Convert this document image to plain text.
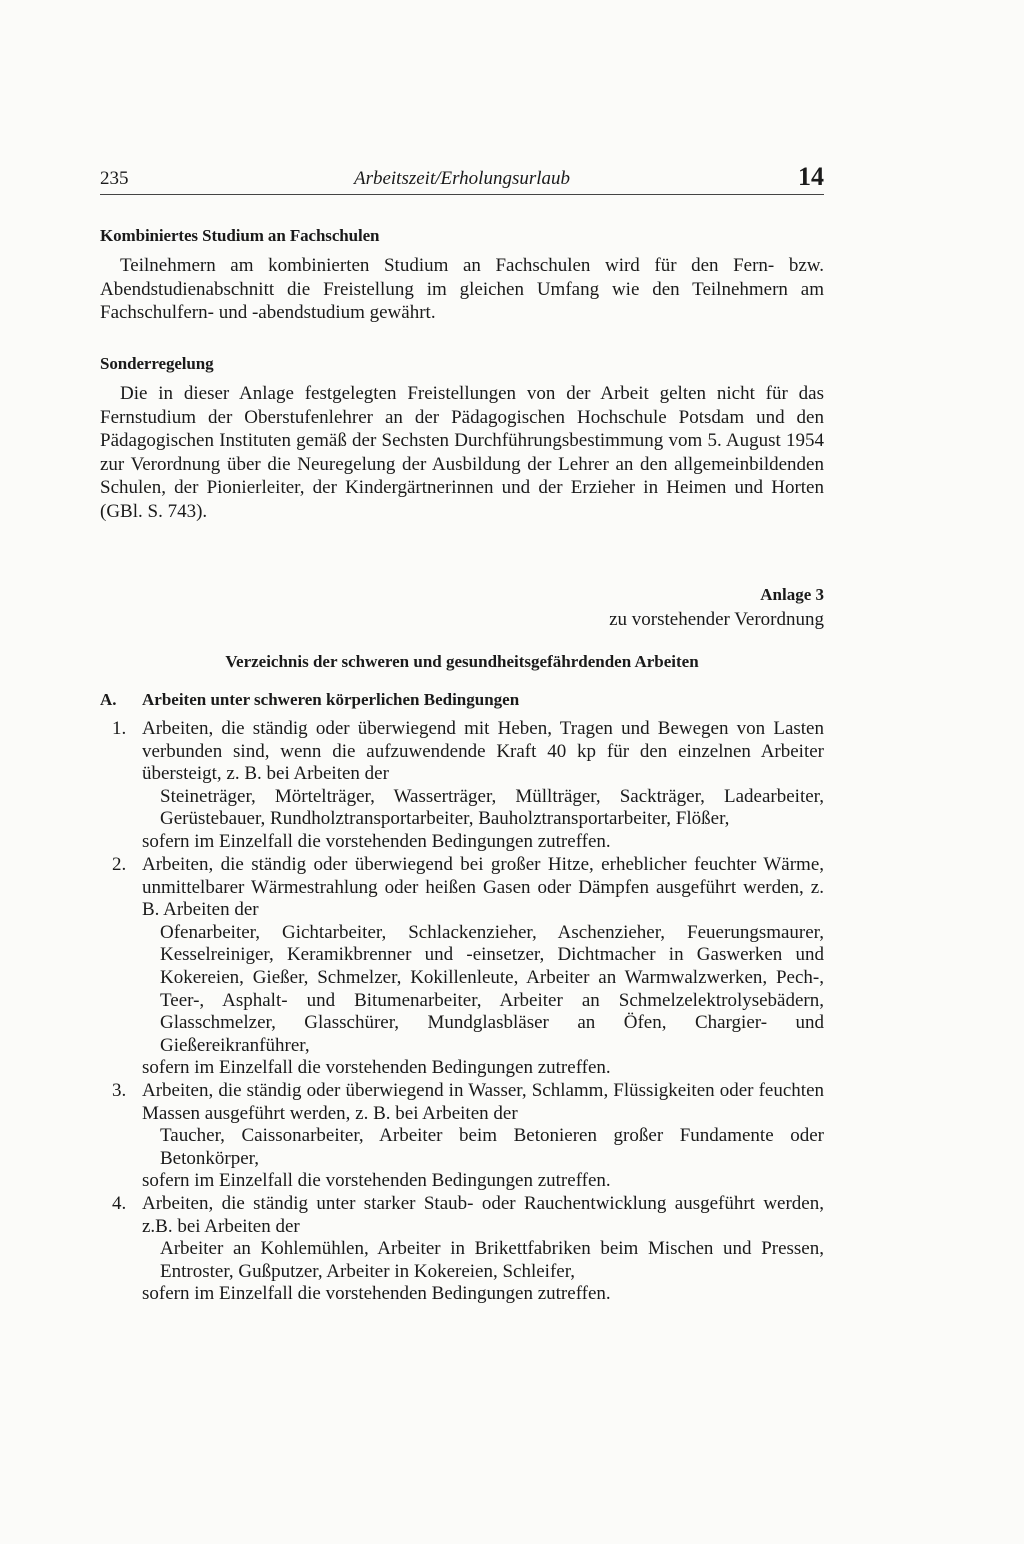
235	Arbeitszeit/Erholungsurlaub	14
Kombiniertes Studium an Fachschulen
Teilnehmern am kombinierten Studium an Fachschulen wird für den Fern- bzw. Abendstudienabschnitt die Freistellung im gleichen Umfang wie den Teilnehmern am Fachschulfern- und -abendstudium gewährt.
Sonderregelung
Die in dieser Anlage festgelegten Freistellungen von der Arbeit gelten nicht für das Fernstudium der Oberstufenlehrer an der Pädagogischen Hochschule Potsdam und den Pädagogischen Instituten gemäß der Sechsten Durchführungsbestimmung vom 5. August 1954 zur Verordnung über die Neuregelung der Ausbildung der Lehrer an den allgemeinbildenden Schulen, der Pionierleiter, der Kindergärtnerinnen und der Erzieher in Heimen und Horten (GBl. S. 743).
Anlage 3
zu vorstehender Verordnung
Verzeichnis der schweren und gesundheitsgefährdenden Arbeiten
A. Arbeiten unter schweren körperlichen Bedingungen
1. Arbeiten, die ständig oder überwiegend mit Heben, Tragen und Bewegen von Lasten verbunden sind, wenn die aufzuwendende Kraft 40 kp für den einzelnen Arbeiter übersteigt, z. B. bei Arbeiten der
Steineträger, Mörtelträger, Wasserträger, Müllträger, Sackträger, Ladearbeiter, Gerüstebauer, Rundholztransportarbeiter, Bauholztransportarbeiter, Flößer,
sofern im Einzelfall die vorstehenden Bedingungen zutreffen.
2. Arbeiten, die ständig oder überwiegend bei großer Hitze, erheblicher feuchter Wärme, unmittelbarer Wärmestrahlung oder heißen Gasen oder Dämpfen ausgeführt werden, z. B. Arbeiten der
Ofenarbeiter, Gichtarbeiter, Schlackenzieher, Aschenzieher, Feuerungsmaurer, Kesselreiniger, Keramikbrenner und -einsetzer, Dichtmacher in Gaswerken und Kokereien, Gießer, Schmelzer, Kokillenleute, Arbeiter an Warmwalzwerken, Pech-, Teer-, Asphalt- und Bitumenarbeiter, Arbeiter an Schmelzelektrolysebädern, Glasschmelzer, Glasschürer, Mundglasbläser an Öfen, Chargier- und Gießereikranführer,
sofern im Einzelfall die vorstehenden Bedingungen zutreffen.
3. Arbeiten, die ständig oder überwiegend in Wasser, Schlamm, Flüssigkeiten oder feuchten Massen ausgeführt werden, z. B. bei Arbeiten der
Taucher, Caissonarbeiter, Arbeiter beim Betonieren großer Fundamente oder Betonkörper,
sofern im Einzelfall die vorstehenden Bedingungen zutreffen.
4. Arbeiten, die ständig unter starker Staub- oder Rauchentwicklung ausgeführt werden, z.B. bei Arbeiten der
Arbeiter an Kohlemühlen, Arbeiter in Brikettfabriken beim Mischen und Pressen, Entroster, Gußputzer, Arbeiter in Kokereien, Schleifer,
sofern im Einzelfall die vorstehenden Bedingungen zutreffen.
